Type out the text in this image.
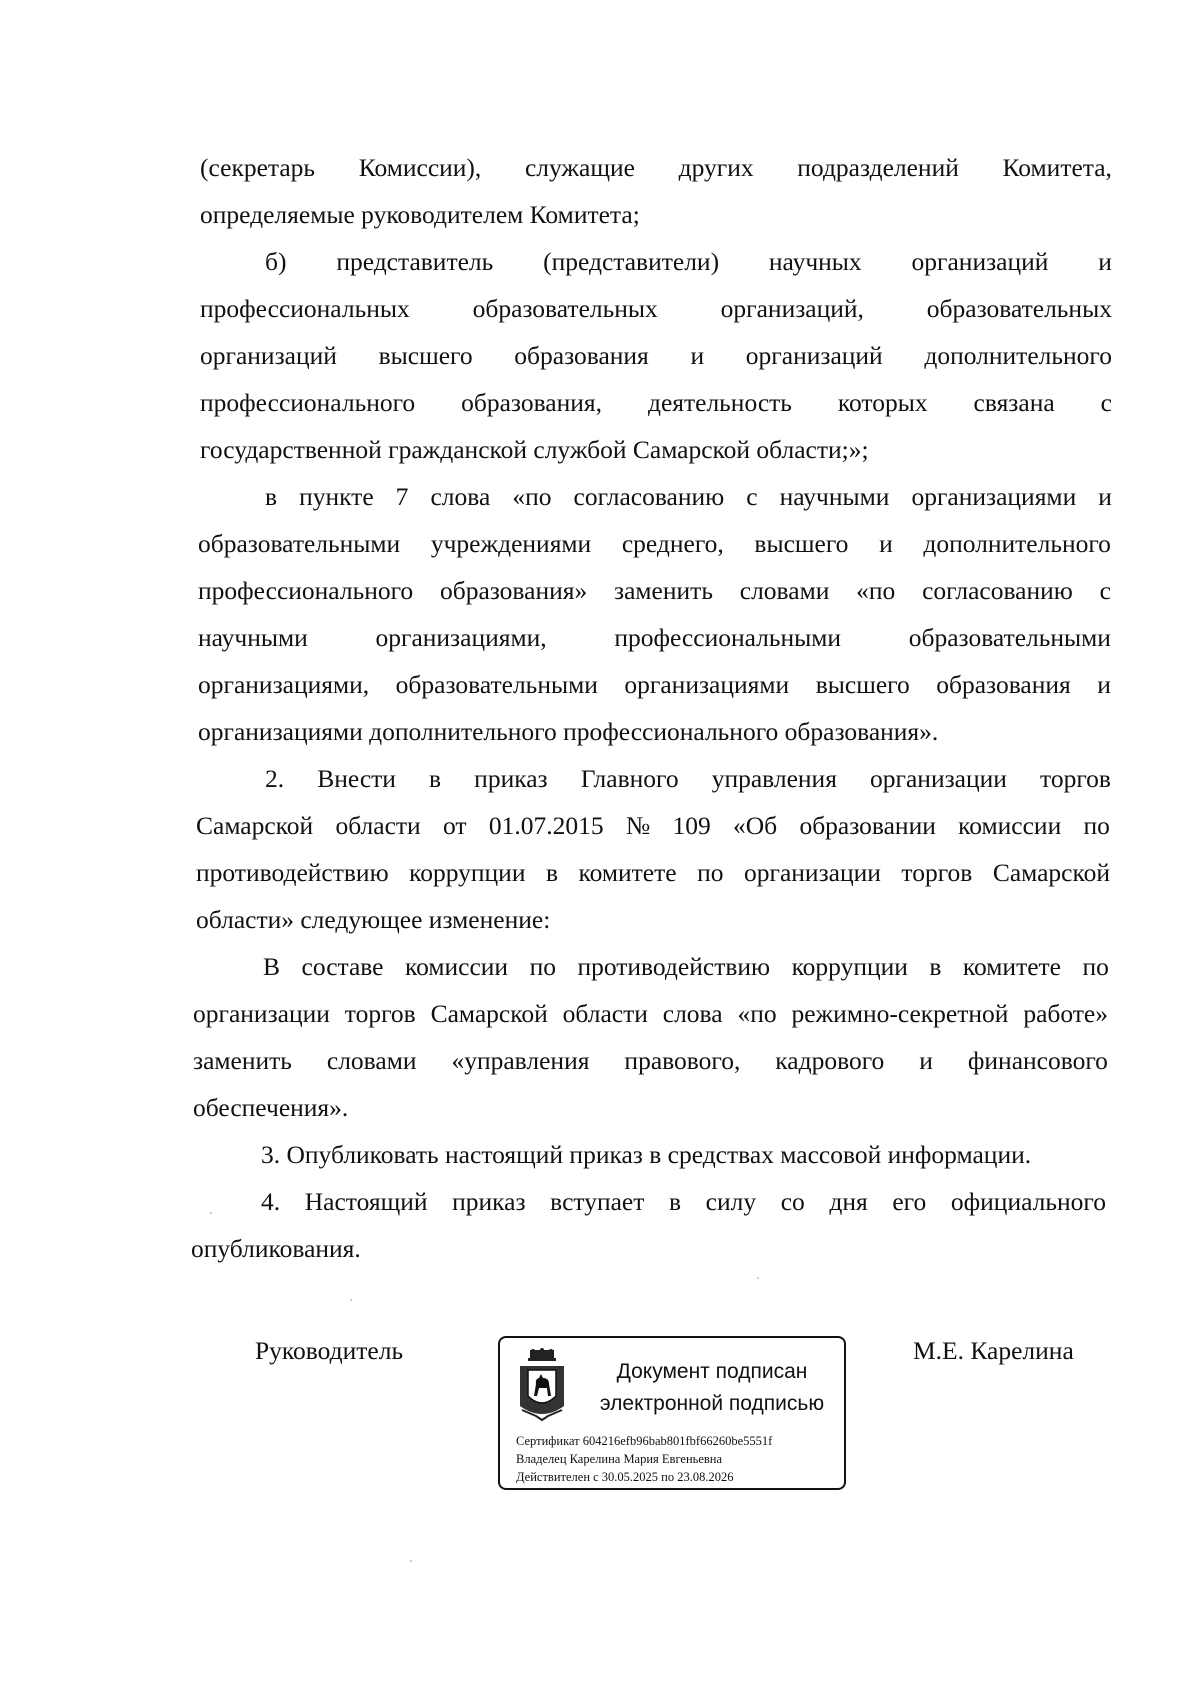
(секретарь Комиссии), служащие других подразделений Комитета,
определяемые руководителем Комитета;
б) представитель (представители) научных организаций и
профессиональных образовательных организаций, образовательных
организаций высшего образования и организаций дополнительного
профессионального образования, деятельность которых связана с
государственной гражданской службой Самарской области;»;
в пункте 7 слова «по согласованию с научными организациями и
образовательными учреждениями среднего, высшего и дополнительного
профессионального образования» заменить словами «по согласованию с
научными	организациями,	профессиональными	образовательными
организациями, образовательными организациями высшего образования и
организациями дополнительного профессионального образования».
2. Внести в приказ Главного управления организации торгов
Самарской области от 01.07.2015 № 109 «Об образовании комиссии по
противодействию коррупции в комитете по организации торгов Самарской
области» следующее изменение:
В составе комиссии по противодействию коррупции в комитете по
организации торгов Самарской области слова «по режимно-секретной работе»
заменить словами «управления правового, кадрового и финансового
обеспечения».
3. Опубликовать настоящий приказ в средствах массовой информации.
4. Настоящий приказ вступает в силу со дня его официального
опубликования.
Руководитель
Документ подписан
электронной подписью
Сертификат 604216efb96bab801fbf66260be5551f
Владелец Карелина Мария Евгеньевна
Действителен с 30.05.2025 по 23.08.2026
М.Е. Карелина
